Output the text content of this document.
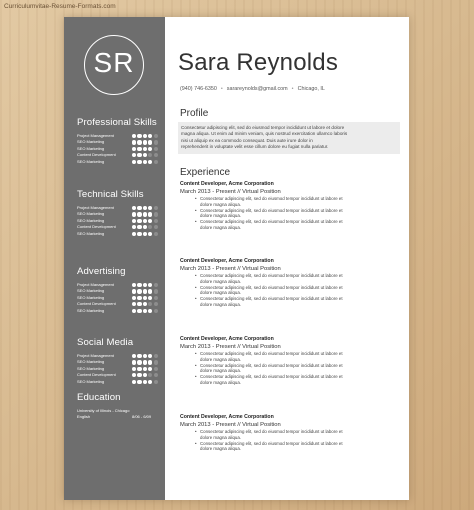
Curriculumvitae-Resume-Formats.com
SR
Professional Skills
Project Management
SEO Marketing
SEO Marketing
Content Development
SEO Marketing
Technical Skills
Project Management
SEO Marketing
SEO Marketing
Content Development
SEO Marketing
Advertising
Project Management
SEO Marketing
SEO Marketing
Content Development
SEO Marketing
Social Media
Project Management
SEO Marketing
SEO Marketing
Content Development
SEO Marketing
Education
University of Illinois - Chicago
English	8/06 - 6/09
Sara Reynolds
(940) 746-6350 • sarareynolds@gmail.com • Chicago, IL
Profile
Consectetur adipiscing elit, sed do eiusmod tempor incididunt ut labore et dolore
magna aliqua. Ut enim ad minim veniam, quis nostrud exercitation ullamco laboris
nisi ut aliquip ex ea commodo consequat. Duis aute irure dolor in
reprehenderit in voluptate velit esse cillum dolore eu fugiat nulla pariatur.
Experience
Content Developer, Acme Corporation
March 2013 - Present // Virtual Position
• Consectetur adipiscing elit, sed do eiusmod tempor incididunt ut labore et
dolore magna aliqua.
• Consectetur adipiscing elit, sed do eiusmod tempor incididunt ut labore et
dolore magna aliqua.
• Consectetur adipiscing elit, sed do eiusmod tempor incididunt ut labore et
dolore magna aliqua.
Content Developer, Acme Corporation
March 2013 - Present // Virtual Position
• Consectetur adipiscing elit, sed do eiusmod tempor incididunt ut labore et
dolore magna aliqua.
• Consectetur adipiscing elit, sed do eiusmod tempor incididunt ut labore et
dolore magna aliqua.
• Consectetur adipiscing elit, sed do eiusmod tempor incididunt ut labore et
dolore magna aliqua.
Content Developer, Acme Corporation
March 2013 - Present // Virtual Position
• Consectetur adipiscing elit, sed do eiusmod tempor incididunt ut labore et
dolore magna aliqua.
• Consectetur adipiscing elit, sed do eiusmod tempor incididunt ut labore et
dolore magna aliqua.
• Consectetur adipiscing elit, sed do eiusmod tempor incididunt ut labore et
dolore magna aliqua.
Content Developer, Acme Corporation
March 2013 - Present // Virtual Position
• Consectetur adipiscing elit, sed do eiusmod tempor incididunt ut labore et
dolore magna aliqua.
• Consectetur adipiscing elit, sed do eiusmod tempor incididunt ut labore et
dolore magna aliqua.
